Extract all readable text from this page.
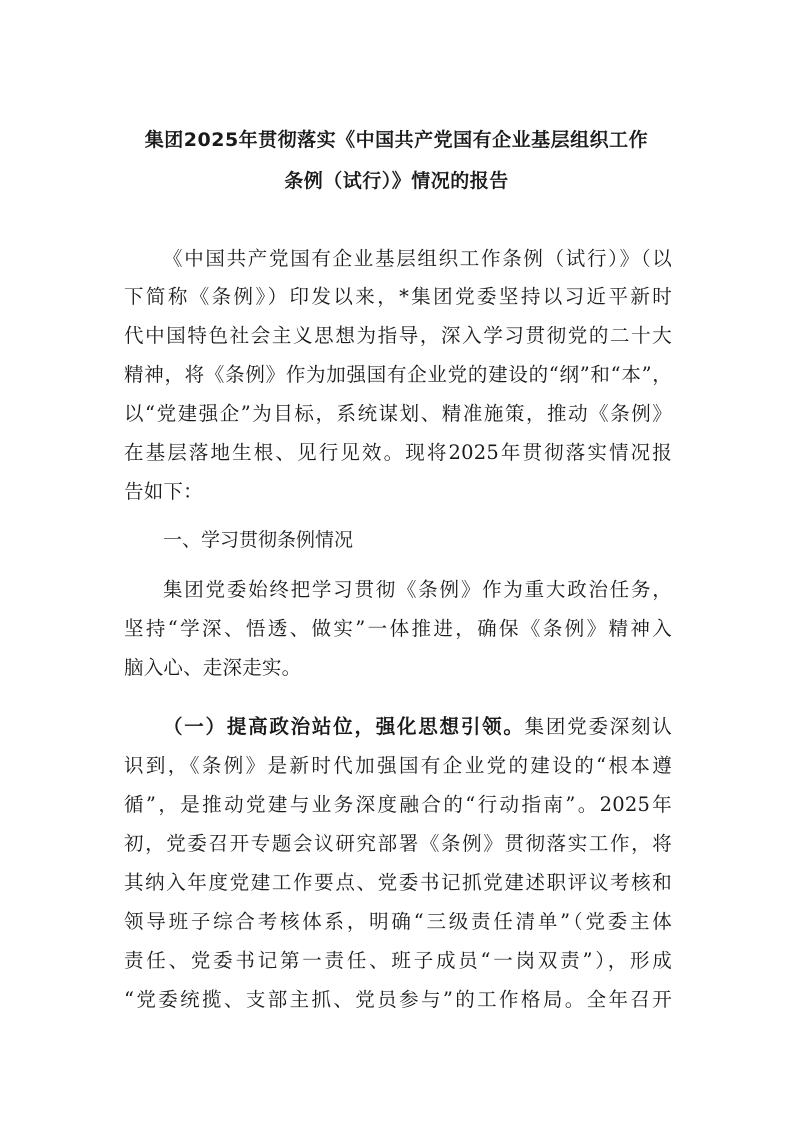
集团2025年贯彻落实《中国共产党国有企业基层组织工作
条例（试行）》情况的报告
《中国共产党国有企业基层组织工作条例（试行）》（以
下简称《条例》）印发以来，*集团党委坚持以习近平新时
代中国特色社会主义思想为指导，深入学习贯彻党的二十大
精神，将《条例》作为加强国有企业党的建设的“纲”和“本”，
以“党建强企”为目标，系统谋划、精准施策，推动《条例》
在基层落地生根、见行见效。现将2025年贯彻落实情况报
告如下：
一、学习贯彻条例情况
集团党委始终把学习贯彻《条例》作为重大政治任务，
坚持“学深、悟透、做实”一体推进，确保《条例》精神入
脑入心、走深走实。
（一）提高政治站位，强化思想引领。集团党委深刻认
识到，《条例》是新时代加强国有企业党的建设的“根本遵
循”，是推动党建与业务深度融合的“行动指南”。2025年
初，党委召开专题会议研究部署《条例》贯彻落实工作，将
其纳入年度党建工作要点、党委书记抓党建述职评议考核和
领导班子综合考核体系，明确“三级责任清单”（党委主体
责任、党委书记第一责任、班子成员“一岗双责”），形成
“党委统揽、支部主抓、党员参与”的工作格局。全年召开
